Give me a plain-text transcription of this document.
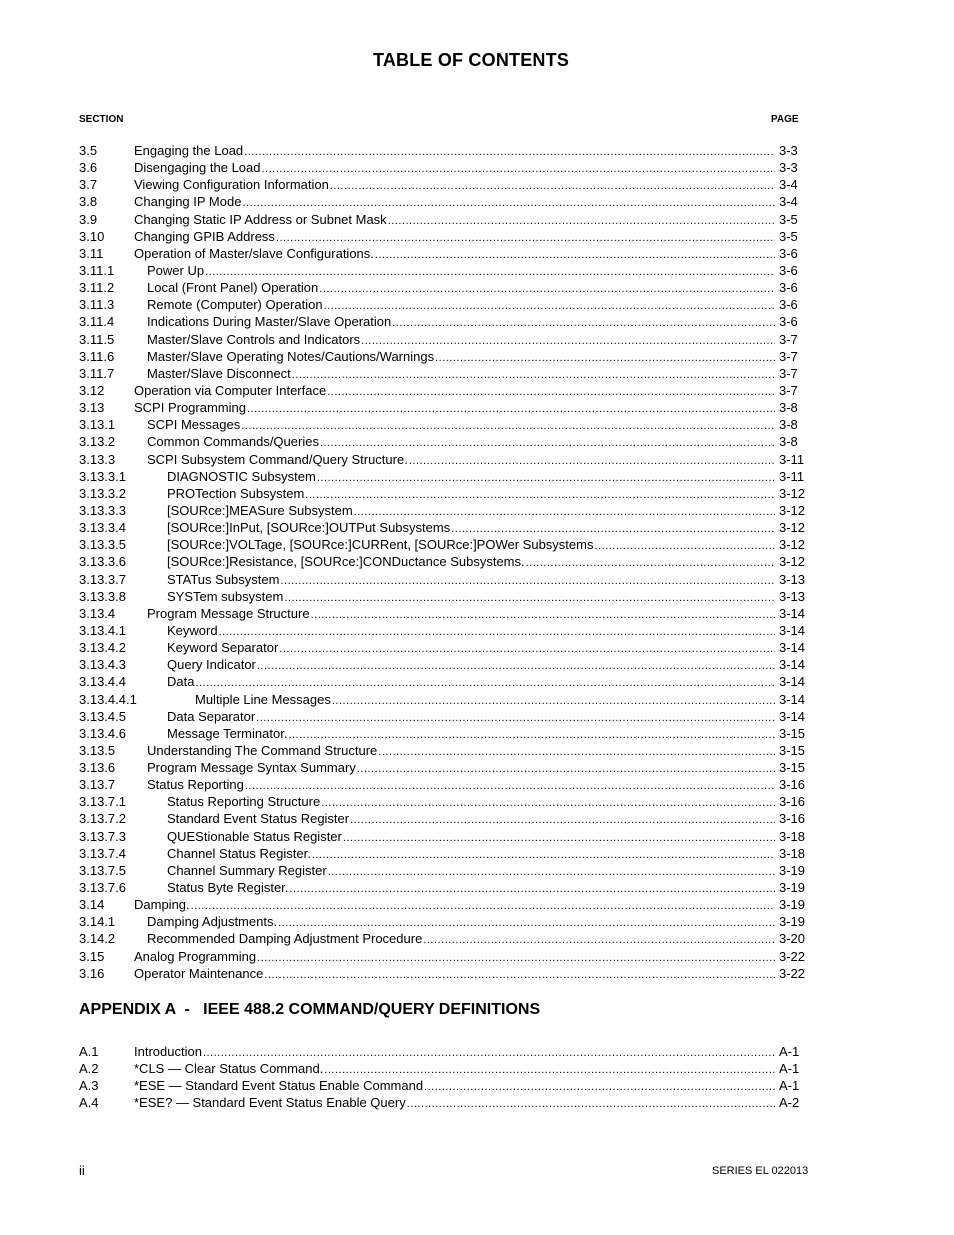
TABLE OF CONTENTS
SECTION	PAGE
3.5	Engaging the Load .....	3-3
3.6	Disengaging the Load .....	3-3
3.7	Viewing Configuration Information .....	3-4
3.8	Changing IP Mode .....	3-4
3.9	Changing Static IP Address or Subnet Mask .....	3-5
3.10 Changing GPIB Address .....	3-5
3.11 Operation of Master/slave Configurations. .....	3-6
3.11.1	Power Up .....	3-6
3.11.2	Local (Front Panel) Operation .....	3-6
3.11.3	Remote (Computer) Operation .....	3-6
3.11.4	Indications During Master/Slave Operation .....	3-6
3.11.5	Master/Slave Controls and Indicators .....	3-7
3.11.6	Master/Slave Operating Notes/Cautions/Warnings .....	3-7
3.11.7	Master/Slave Disconnect .....	3-7
3.12 Operation via Computer Interface .....	3-7
3.13 SCPI Programming .....	3-8
3.13.1 SCPI Messages .....	3-8
3.13.2 Common Commands/Queries .....	3-8
3.13.3 SCPI Subsystem Command/Query Structure. .....	3-11
3.13.3.1	DIAGNOSTIC Subsystem .....	3-11
3.13.3.2	PROTection Subsystem .....	3-12
3.13.3.3	[SOURce:]MEASure Subsystem .....	3-12
3.13.3.4	[SOURce:]InPut, [SOURce:]OUTPut Subsystems .....	3-12
3.13.3.5	[SOURce:]VOLTage, [SOURce:]CURRent, [SOURce:]POWer Subsystems .....	3-12
3.13.3.6	[SOURce:]Resistance, [SOURce:]CONDuctance Subsystems. .....	3-12
3.13.3.7	STATus Subsystem .....	3-13
3.13.3.8	SYSTem subsystem .....	3-13
3.13.4 Program Message Structure .....	3-14
3.13.4.1	Keyword .....	3-14
3.13.4.2	Keyword Separator .....	3-14
3.13.4.3	Query Indicator .....	3-14
3.13.4.4	Data .....	3-14
3.13.4.4.1	Multiple Line Messages .....	3-14
3.13.4.5	Data Separator .....	3-14
3.13.4.6	Message Terminator. .....	3-15
3.13.5 Understanding The Command Structure .....	3-15
3.13.6 Program Message Syntax Summary .....	3-15
3.13.7 Status Reporting .....	3-16
3.13.7.1	Status Reporting Structure .....	3-16
3.13.7.2	Standard Event Status Register .....	3-16
3.13.7.3	QUEStionable Status Register .....	3-18
3.13.7.4	Channel Status Register. .....	3-18
3.13.7.5	Channel Summary Register .....	3-19
3.13.7.6	Status Byte Register. .....	3-19
3.14 Damping. .....	3-19
3.14.1 Damping Adjustments. .....	3-19
3.14.2 Recommended Damping Adjustment Procedure .....	3-20
3.15 Analog Programming .....	3-22
3.16 Operator Maintenance .....	3-22
APPENDIX A  -   IEEE 488.2 COMMAND/QUERY DEFINITIONS
A.1	Introduction .....	A-1
A.2	*CLS — Clear Status Command. .....	A-1
A.3	*ESE — Standard Event Status Enable Command .....	A-1
A.4	*ESE? — Standard Event Status Enable Query .....	A-2
ii	SERIES EL 022013
